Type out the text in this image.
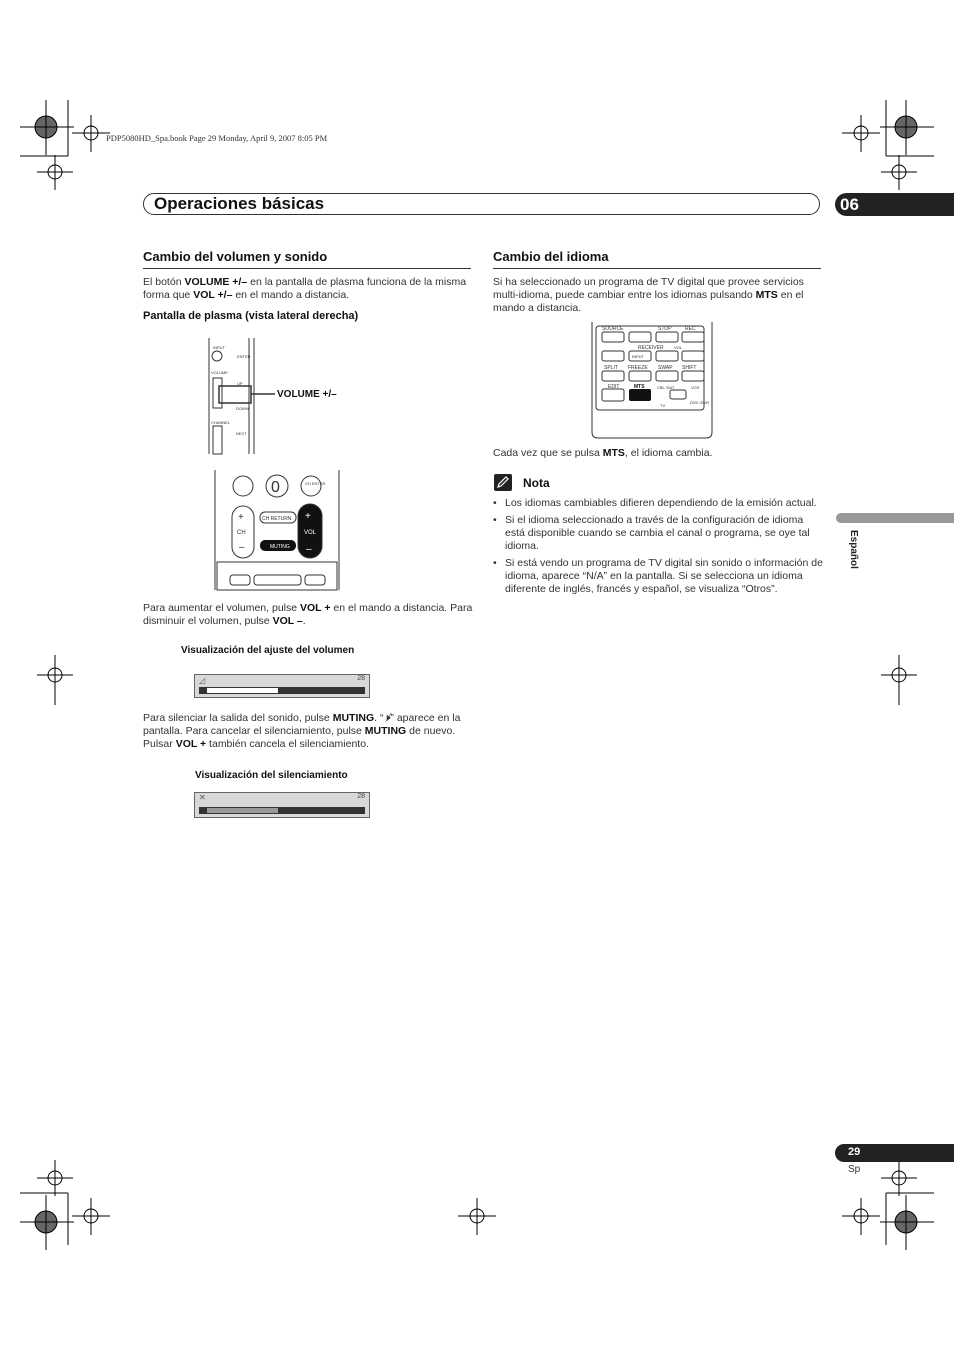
PDP5080HD_Spa.book Page 29 Monday, April 9, 2007 8:05 PM
Operaciones básicas	06
Cambio del volumen y sonido

El botón VOLUME +/– en la pantalla de plasma funciona de la misma forma que VOL +/– en el mando a distancia.

Pantalla de plasma (vista lateral derecha)
INPUT
ENTER
VOLUME
UP
DOWN
CHANNEL
NEXT
VOLUME +/–
CH	VOL
CH RETURN
MUTING
CH ENTER
0
+
–
+
–

Para aumentar el volumen, pulse VOL + en el mando a distancia. Para disminuir el volumen, pulse VOL –.

Visualización del ajuste del volumen
◿	28

Para silenciar la salida del sonido, pulse MUTING. “🕨̸” aparece en la pantalla. Para cancelar el silenciamiento, pulse MUTING de nuevo. Pulsar VOL + también cancela el silenciamiento.

Visualización del silenciamiento
✕	28
Cambio del idioma

Si ha seleccionado un programa de TV digital que provee servicios multi-idioma, puede cambiar entre los idiomas pulsando MTS en el mando a distancia.

SOURCE	STOP	REC
RECEIVER	VOL
INPUT
SPLIT FREEZE SWAP SHIFT
EDIT	MTS	CBL /SAT	VCR
TV
DVD /DVR

Cada vez que se pulsa MTS, el idioma cambia.

Nota
• Los idiomas cambiables difieren dependiendo de la emisión actual.
• Si el idioma seleccionado a través de la configuración de idioma está disponible cuando se cambia el canal o programa, se oye tal idioma.
• Si está vendo un programa de TV digital sin sonido o información de idioma, aparece “N/A” en la pantalla. Si se selecciona un idioma diferente de inglés, francés y español, se visualiza “Otros”.
Español
29
Sp
